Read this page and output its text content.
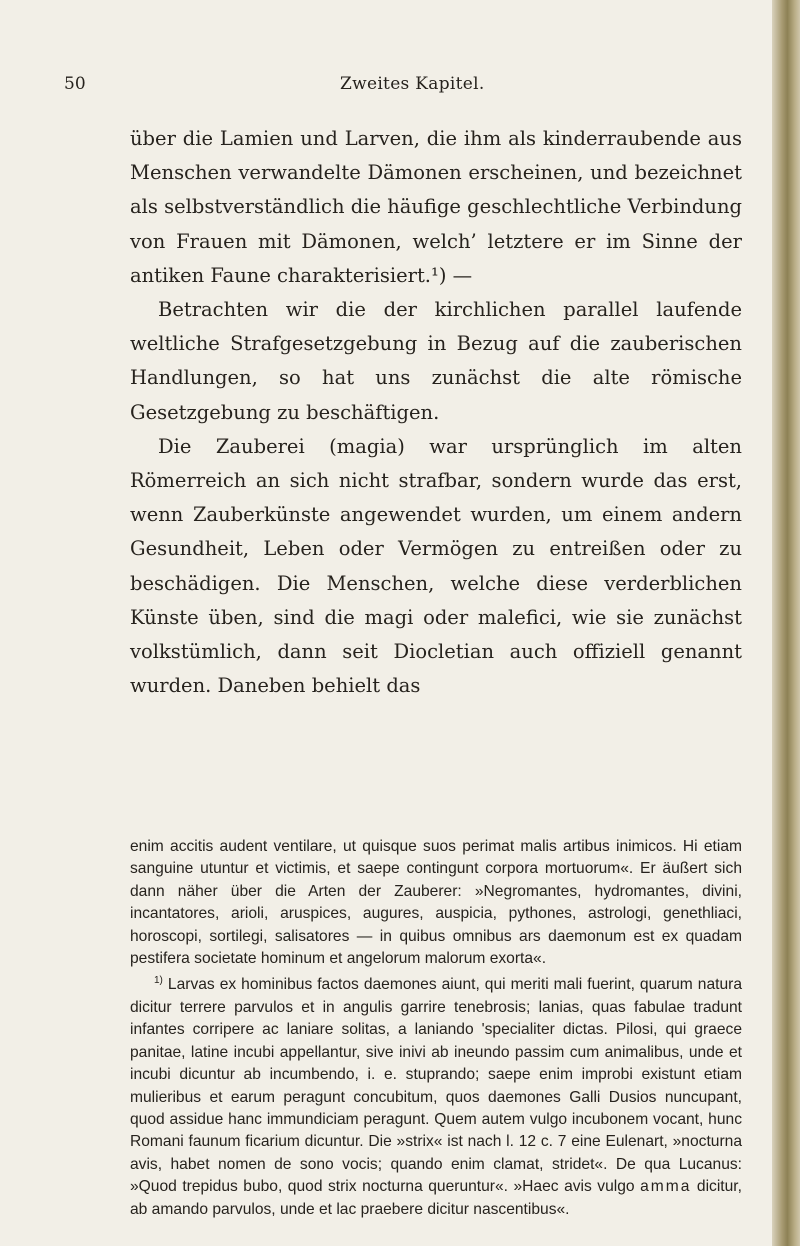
50	Zweites Kapitel.

über die Lamien und Larven, die ihm als kinderraubende aus Menschen verwandelte Dämonen erscheinen, und bezeichnet als selbstverständlich die häufige geschlechtliche Verbindung von Frauen mit Dämonen, welch’ letztere er im Sinne der antiken Faune charakterisiert.¹) —

Betrachten wir die der kirchlichen parallel laufende weltliche Strafgesetzgebung in Bezug auf die zauberischen Handlungen, so hat uns zunächst die alte römische Gesetzgebung zu beschäftigen.

Die Zauberei (magia) war ursprünglich im alten Römerreich an sich nicht strafbar, sondern wurde das erst, wenn Zauberkünste angewendet wurden, um einem andern Gesundheit, Leben oder Vermögen zu entreißen oder zu beschädigen. Die Menschen, welche diese verderblichen Künste üben, sind die magi oder malefici, wie sie zunächst volkstümlich, dann seit Diocletian auch offiziell genannt wurden. Daneben behielt das

enim accitis audent ventilare, ut quisque suos perimat malis artibus inimicos. Hi etiam sanguine utuntur et victimis, et saepe contingunt corpora mortuorum«. Er äußert sich dann näher über die Arten der Zauberer: »Negromantes, hydromantes, divini, incantatores, arioli, aruspices, augures, auspicia, pythones, astrologi, genethliaci, horoscopi, sortilegi, salisatores — in quibus omnibus ars daemonum est ex quadam pestifera societate hominum et angelorum malorum exorta«.

$^{1)}$ Larvas ex hominibus factos daemones aiunt, qui meriti mali fuerint, quarum natura dicitur terrere parvulos et in angulis garrire tenebrosis; lanias, quas fabulae tradunt infantes corripere ac laniare solitas, a laniando 'specialiter dictas. Pilosi, qui graece panitae, latine incubi appellantur, sive inivi ab ineundo passim cum animalibus, unde et incubi dicuntur ab incumbendo, i. e. stuprando; saepe enim improbi existunt etiam mulieribus et earum peragunt concubitum, quos daemones Galli Dusios nuncupant, quod assidue hanc immundiciam peragunt. Quem autem vulgo incubonem vocant, hunc Romani faunum ficarium dicuntur. Die »strix« ist nach l. 12 c. 7 eine Eulenart, »nocturna avis, habet nomen de sono vocis; quando enim clamat, stridet«. De qua Lucanus: »Quod trepidus bubo, quod strix nocturna queruntur«. »Haec avis vulgo amma dicitur, ab amando parvulos, unde et lac praebere dicitur nascentibus«.
